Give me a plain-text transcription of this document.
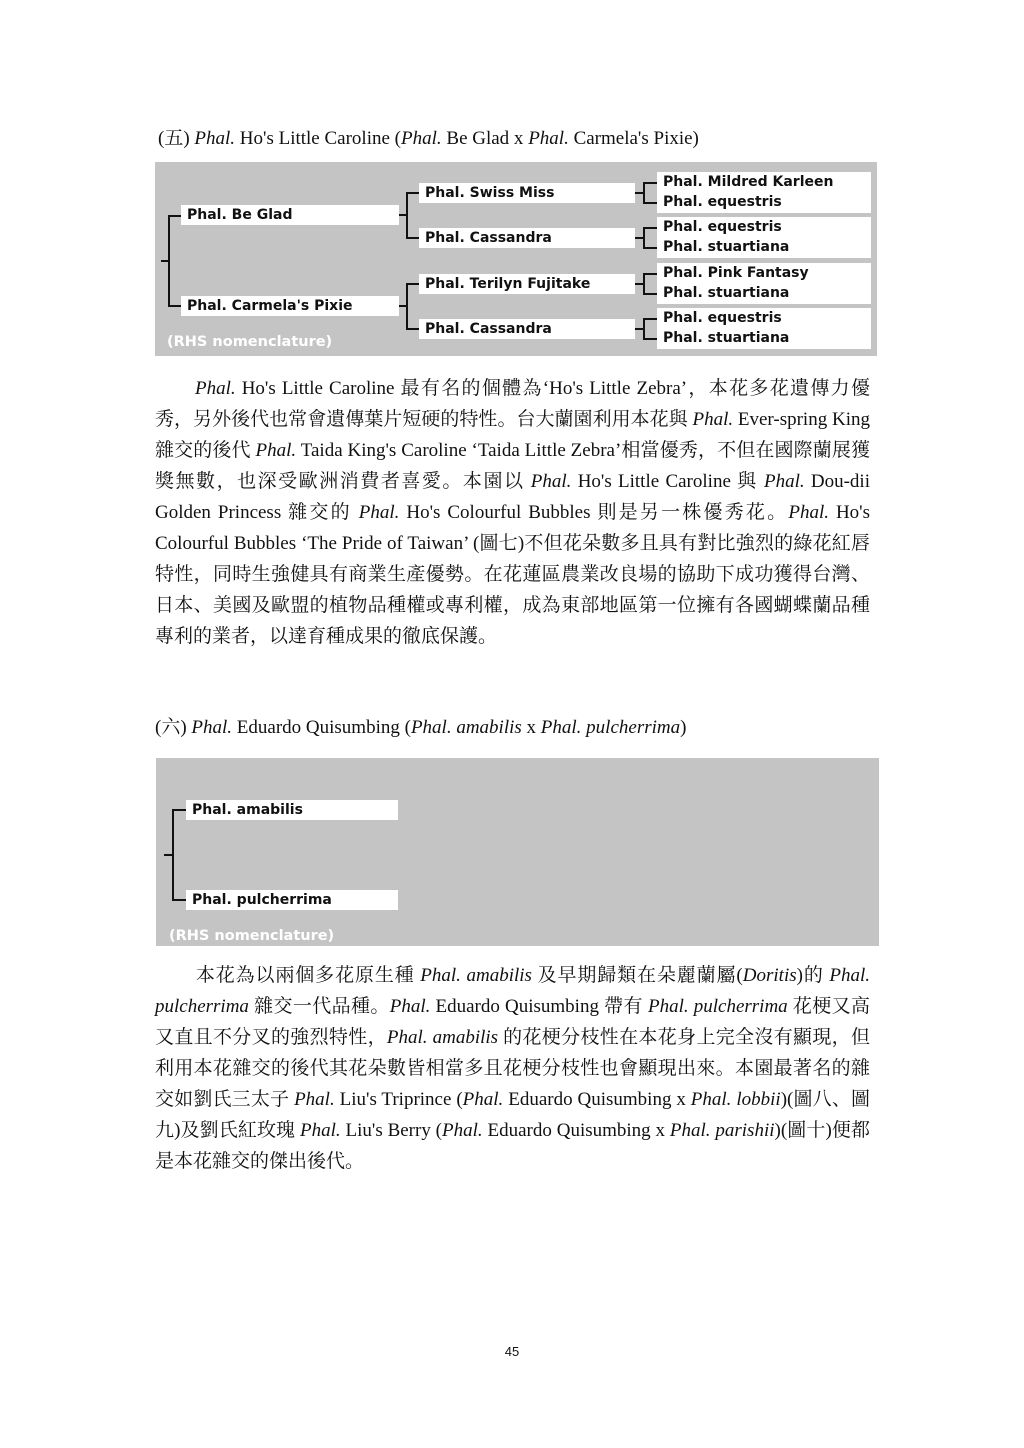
(五) Phal. Ho's Little Caroline (Phal. Be Glad x Phal. Carmela's Pixie)
Phal. Be Glad
Phal. Carmela's Pixie
Phal. Swiss Miss
Phal. Cassandra
Phal. Terilyn Fujitake
Phal. Cassandra
Phal. Mildred Karleen
Phal. equestris
Phal. equestris
Phal. stuartiana
Phal. Pink Fantasy
Phal. stuartiana
Phal. equestris
Phal. stuartiana
(RHS nomenclature)

Phal. Ho's Little Caroline 最有名的個體為‘Ho's Little Zebra’，本花多花遺傳力優秀，另外後代也常會遺傳葉片短硬的特性。台大蘭園利用本花與 Phal. Ever-spring King 雜交的後代 Phal. Taida King's Caroline ‘Taida Little Zebra’相當優秀，不但在國際蘭展獲獎無數，也深受歐洲消費者喜愛。本園以 Phal. Ho's Little Caroline 與 Phal. Dou-dii Golden Princess 雜交的 Phal. Ho's Colourful Bubbles 則是另一株優秀花。Phal. Ho's Colourful Bubbles ‘The Pride of Taiwan’ (圖七)不但花朵數多且具有對比強烈的綠花紅唇特性，同時生強健具有商業生產優勢。在花蓮區農業改良場的協助下成功獲得台灣、日本、美國及歐盟的植物品種權或專利權，成為東部地區第一位擁有各國蝴蝶蘭品種專利的業者，以達育種成果的徹底保護。

(六) Phal. Eduardo Quisumbing (Phal. amabilis x Phal. pulcherrima)
Phal. amabilis
Phal. pulcherrima
(RHS nomenclature)

本花為以兩個多花原生種 Phal. amabilis 及早期歸類在朵麗蘭屬(Doritis)的 Phal. pulcherrima 雜交一代品種。Phal. Eduardo Quisumbing 帶有 Phal. pulcherrima 花梗又高又直且不分叉的強烈特性，Phal. amabilis 的花梗分枝性在本花身上完全沒有顯現，但利用本花雜交的後代其花朵數皆相當多且花梗分枝性也會顯現出來。本園最著名的雜交如劉氏三太子 Phal. Liu's Triprince (Phal. Eduardo Quisumbing x Phal. lobbii)(圖八、圖九)及劉氏紅玫瑰 Phal. Liu's Berry (Phal. Eduardo Quisumbing x Phal. parishii)(圖十)便都是本花雜交的傑出後代。

45
